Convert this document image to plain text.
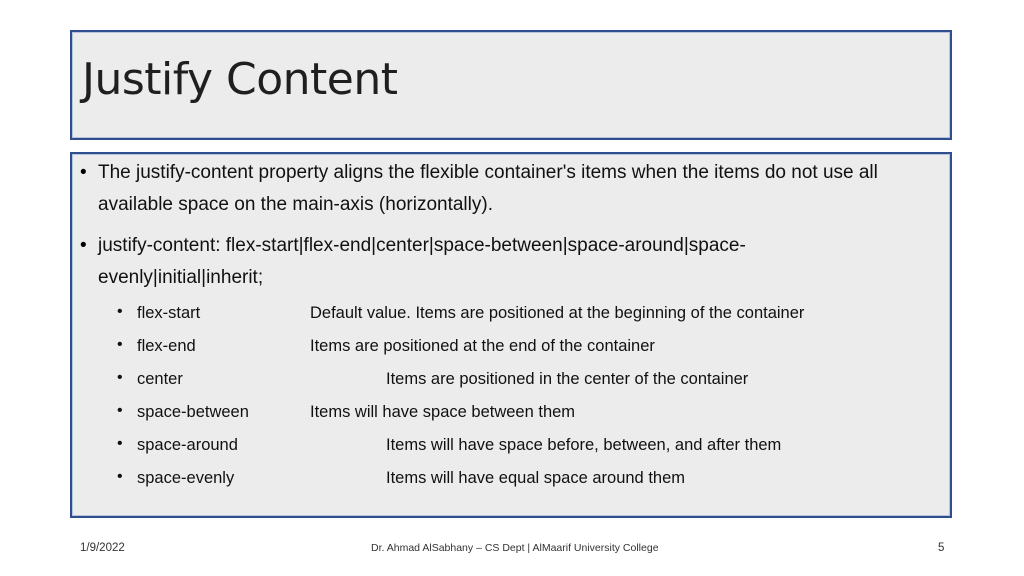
Justify Content
• The justify-content property aligns the flexible container's items when the items do not use all available space on the main-axis (horizontally).
• justify-content: flex-start|flex-end|center|space-between|space-around|space-evenly|initial|inherit;
• flex-start	Default value. Items are positioned at the beginning of the container
• flex-end	Items are positioned at the end of the container
• center	Items are positioned in the center of the container
• space-between	Items will have space between them
• space-around	Items will have space before, between, and after them
• space-evenly	Items will have equal space around them
1/9/2022	Dr. Ahmad AlSabhany – CS Dept | AlMaarif University College	5
